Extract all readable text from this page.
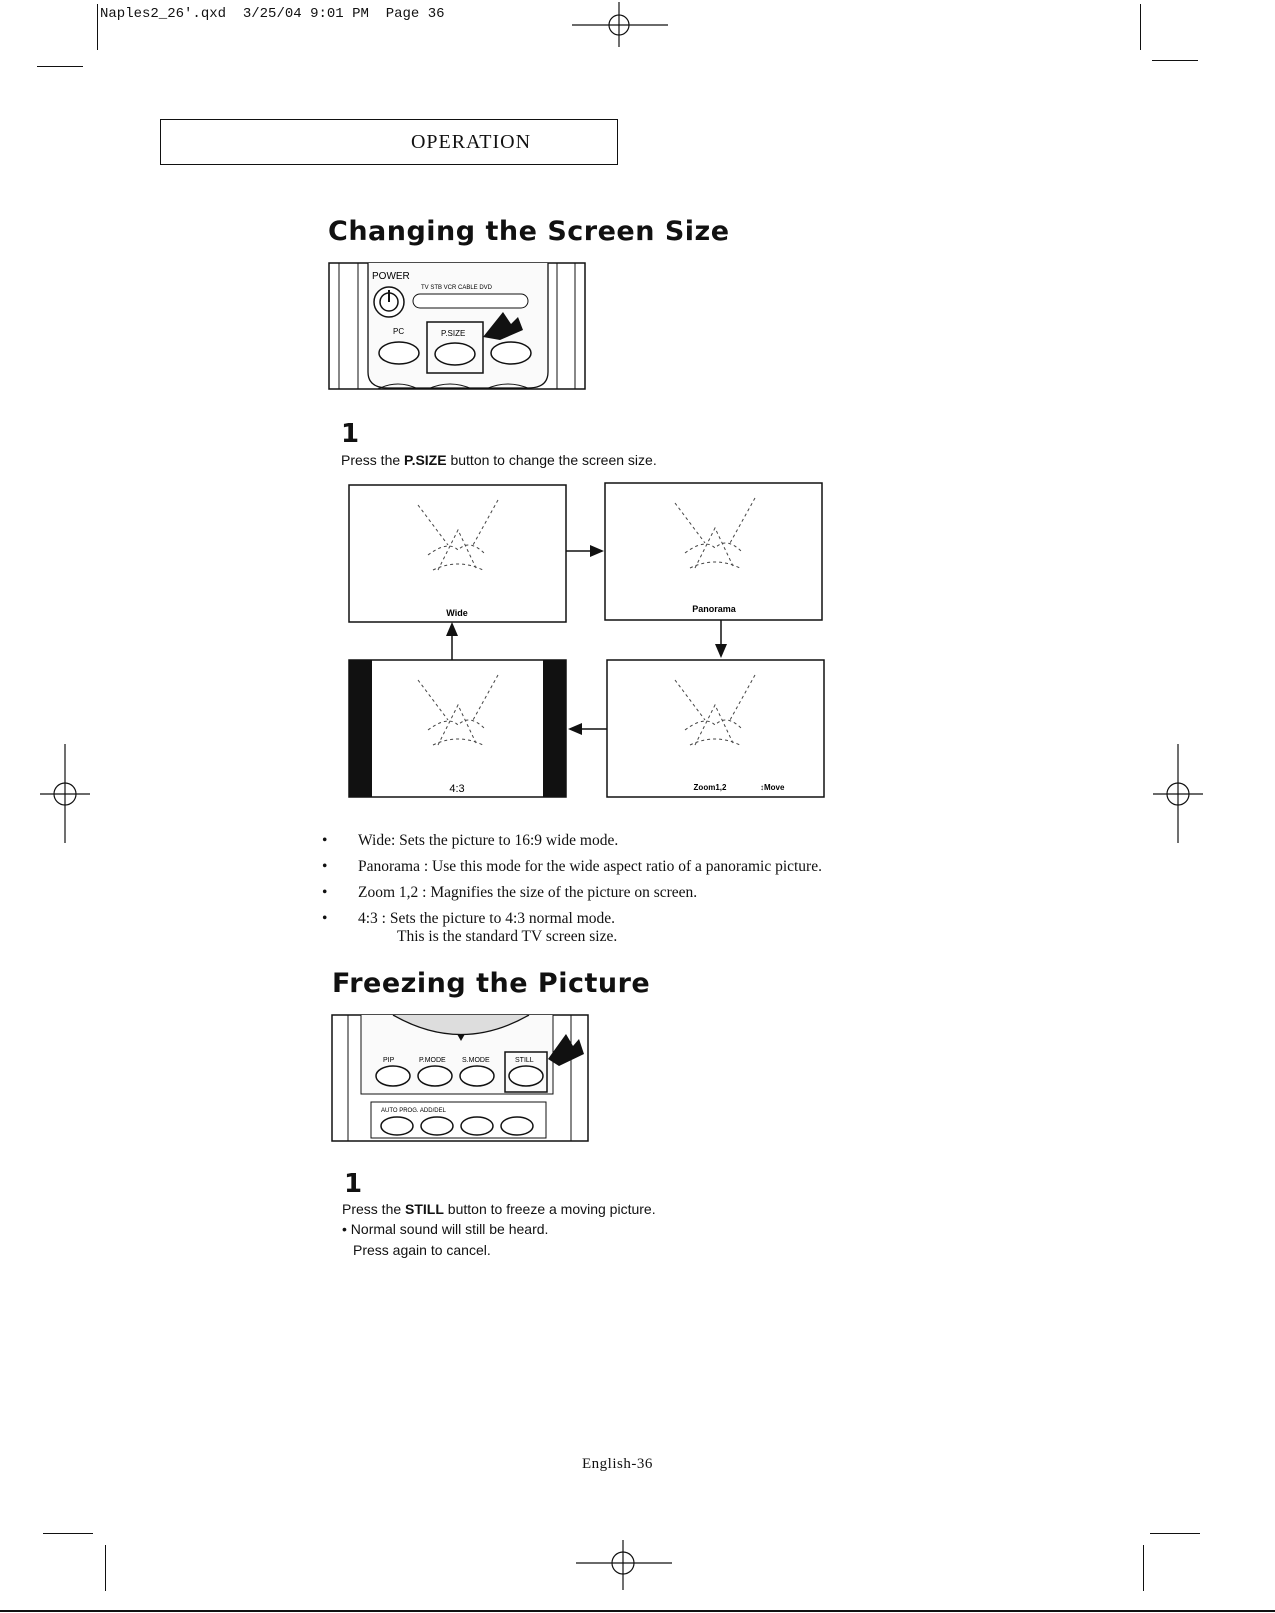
Naples2_26'.qxd 3/25/04 9:01 PM Page 36
OPERATION
Changing the Screen Size
POWER
TV STB VCR CABLE DVD
PC	P.SIZE
1
Press the P.SIZE button to change the screen size.
Wide	Panorama
Zoom1,2	↕Move
4:3
• Wide: Sets the picture to 16:9 wide mode.
• Panorama : Use this mode for the wide aspect ratio of a panoramic picture.
• Zoom 1,2 : Magnifies the size of the picture on screen.
• 4:3 : Sets the picture to 4:3 normal mode.
This is the standard TV screen size.
Freezing the Picture
PIP	P.MODE S.MODE	STILL
AUTO PROG. ADD/DEL
1
Press the STILL button to freeze a moving picture.
• Normal sound will still be heard.
Press again to cancel.
English-36
